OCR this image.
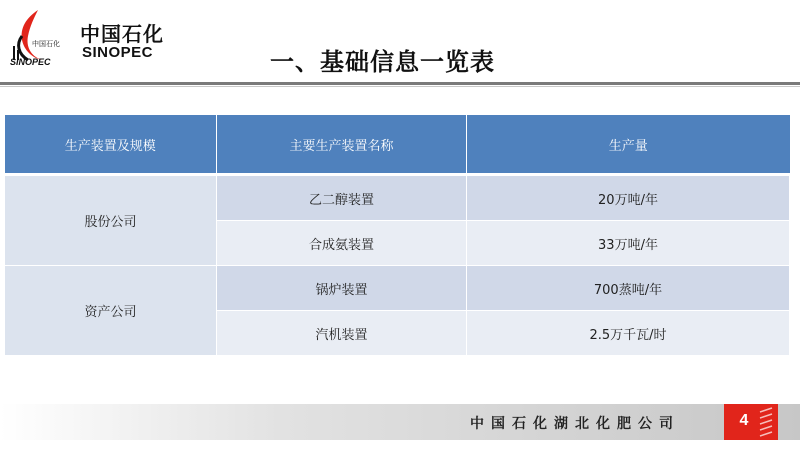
中国石化
SINOPEC
中国石化
SINOPEC	一、基础信息一览表
生产装置及规模	主要生产装置名称	生产量
股份公司	乙二醇装置	20万吨/年
	合成氨装置	33万吨/年
资产公司	锅炉装置	700蒸吨/年
	汽机装置	2.5万千瓦/时
中国石化湖北化肥公司	4
